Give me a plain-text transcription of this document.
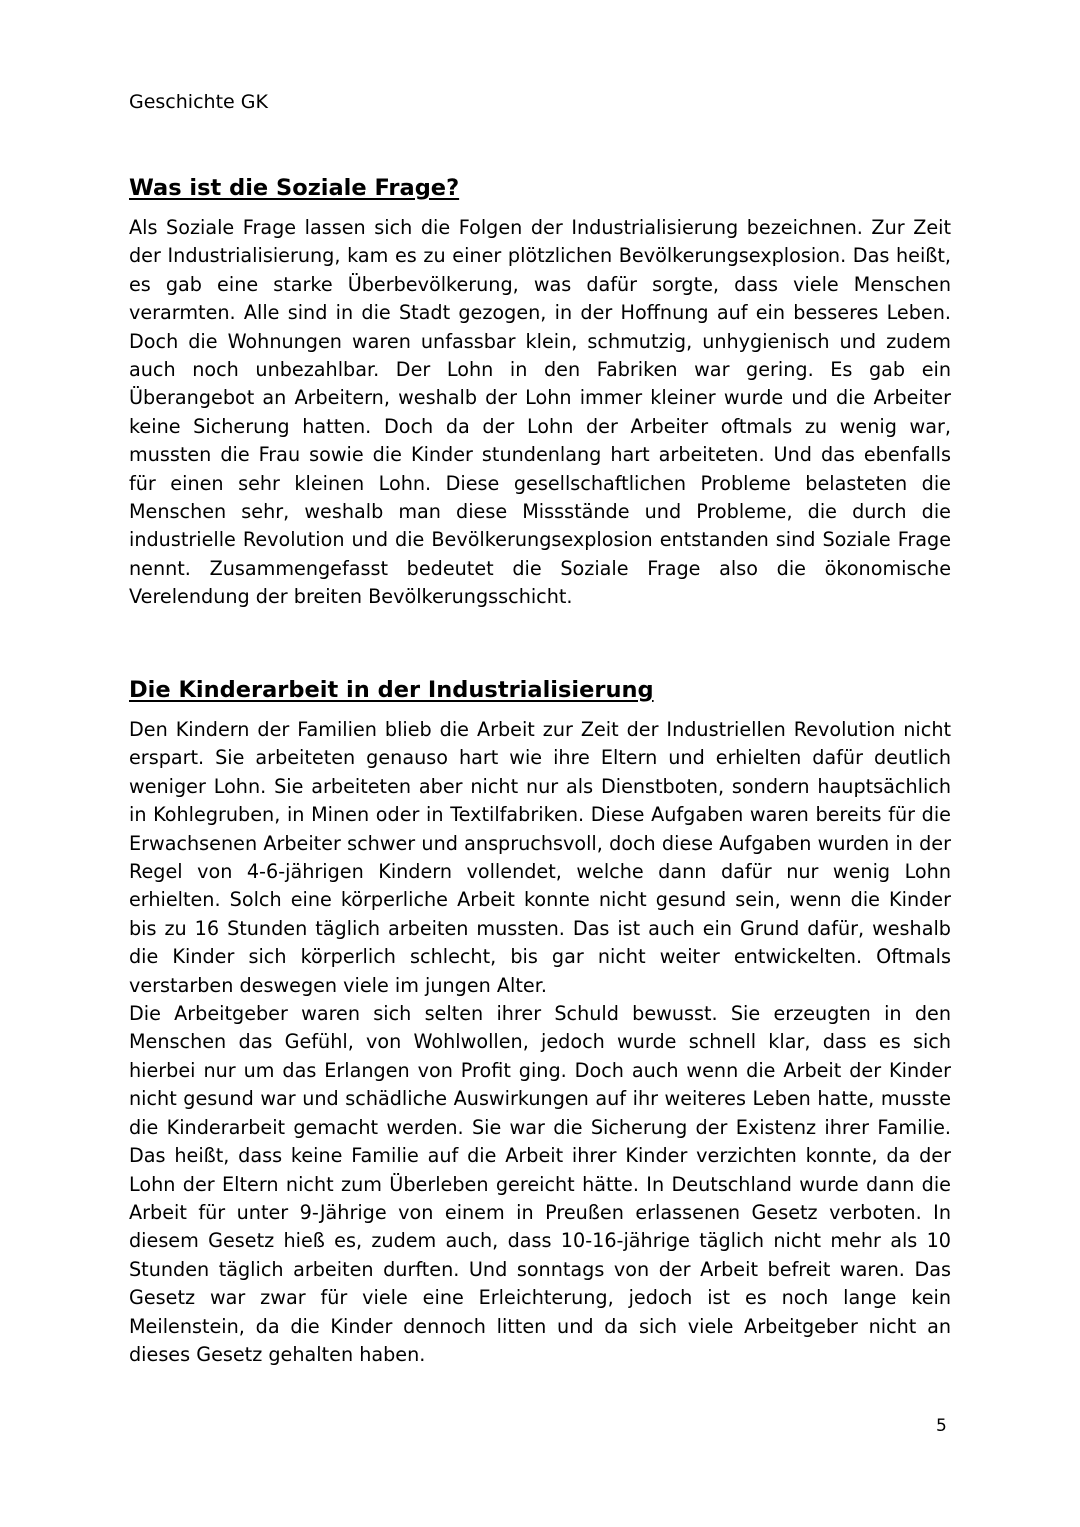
Geschichte GK
Was ist die Soziale Frage?

Als Soziale Frage lassen sich die Folgen der Industrialisierung bezeichnen. Zur Zeit der Industrialisierung, kam es zu einer plötzlichen Bevölkerungsexplosion. Das heißt, es gab eine starke Überbevölkerung, was dafür sorgte, dass viele Menschen verarmten. Alle sind in die Stadt gezogen, in der Hoffnung auf ein besseres Leben. Doch die Wohnungen waren unfassbar klein, schmutzig, unhygienisch und zudem auch noch unbezahlbar. Der Lohn in den Fabriken war gering. Es gab ein Überangebot an Arbeitern, weshalb der Lohn immer kleiner wurde und die Arbeiter keine Sicherung hatten. Doch da der Lohn der Arbeiter oftmals zu wenig war, mussten die Frau sowie die Kinder stundenlang hart arbeiteten. Und das ebenfalls für einen sehr kleinen Lohn. Diese gesellschaftlichen Probleme belasteten die Menschen sehr, weshalb man diese Missstände und Probleme, die durch die industrielle Revolution und die Bevölkerungsexplosion entstanden sind Soziale Frage nennt. Zusammengefasst bedeutet die Soziale Frage also die ökonomische Verelendung der breiten Bevölkerungsschicht.

Die Kinderarbeit in der Industrialisierung

Den Kindern der Familien blieb die Arbeit zur Zeit der Industriellen Revolution nicht erspart. Sie arbeiteten genauso hart wie ihre Eltern und erhielten dafür deutlich weniger Lohn. Sie arbeiteten aber nicht nur als Dienstboten, sondern hauptsächlich in Kohlegruben, in Minen oder in Textilfabriken. Diese Aufgaben waren bereits für die Erwachsenen Arbeiter schwer und anspruchsvoll, doch diese Aufgaben wurden in der Regel von 4-6-jährigen Kindern vollendet, welche dann dafür nur wenig Lohn erhielten. Solch eine körperliche Arbeit konnte nicht gesund sein, wenn die Kinder bis zu 16 Stunden täglich arbeiten mussten. Das ist auch ein Grund dafür, weshalb die Kinder sich körperlich schlecht, bis gar nicht weiter entwickelten. Oftmals verstarben deswegen viele im jungen Alter.

Die Arbeitgeber waren sich selten ihrer Schuld bewusst. Sie erzeugten in den Menschen das Gefühl, von Wohlwollen, jedoch wurde schnell klar, dass es sich hierbei nur um das Erlangen von Profit ging. Doch auch wenn die Arbeit der Kinder nicht gesund war und schädliche Auswirkungen auf ihr weiteres Leben hatte, musste die Kinderarbeit gemacht werden. Sie war die Sicherung der Existenz ihrer Familie. Das heißt, dass keine Familie auf die Arbeit ihrer Kinder verzichten konnte, da der Lohn der Eltern nicht zum Überleben gereicht hätte. In Deutschland wurde dann die Arbeit für unter 9-Jährige von einem in Preußen erlassenen Gesetz verboten. In diesem Gesetz hieß es, zudem auch, dass 10-16-jährige täglich nicht mehr als 10 Stunden täglich arbeiten durften. Und sonntags von der Arbeit befreit waren. Das Gesetz war zwar für viele eine Erleichterung, jedoch ist es noch lange kein Meilenstein, da die Kinder dennoch litten und da sich viele Arbeitgeber nicht an dieses Gesetz gehalten haben.

5
